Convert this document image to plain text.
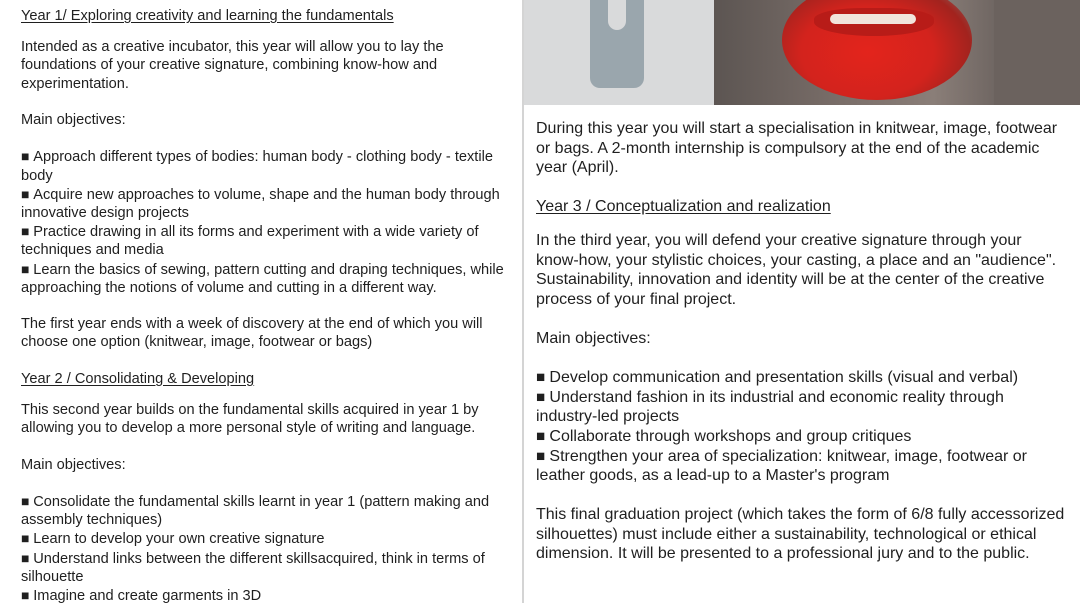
Year 1/ Exploring creativity and learning the fundamentals

Intended as a creative incubator, this year will allow you to lay the foundations of your creative signature, combining know-how and experimentation.

Main objectives:

■ Approach different types of bodies: human body - clothing body - textile body

■ Acquire new approaches to volume, shape and the human body through innovative design projects

■ Practice drawing in all its forms and experiment with a wide variety of techniques and media

■ Learn the basics of sewing, pattern cutting and draping techniques, while approaching the notions of volume and cutting in a different way.

The first year ends with a week of discovery at the end of which you will choose one option (knitwear, image, footwear or bags)

Year 2 / Consolidating & Developing

This second year builds on the fundamental skills acquired in year 1 by allowing you to develop a more personal style of writing and language.

Main objectives:

■ Consolidate the fundamental skills learnt in year 1 (pattern making and assembly techniques)

■ Learn to develop your own creative signature

■ Understand links between the different skillsacquired, think in terms of silhouette

■ Imagine and create garments in 3D

During this year you will start a specialisation in knitwear, image, footwear or bags. A 2-month internship is compulsory at the end of the academic year (April).

Year 3 / Conceptualization and realization

In the third year, you will defend your creative signature through your know-how, your stylistic choices, your casting, a place and an "audience". Sustainability, innovation and identity will be at the center of the creative process of your final project.

Main objectives:

■ Develop communication and presentation skills (visual and verbal)

■ Understand fashion in its industrial and economic reality through industry-led projects

■ Collaborate through workshops and group critiques

■ Strengthen your area of specialization: knitwear, image, footwear or leather goods, as a lead-up to a Master's program

This final graduation project (which takes the form of 6/8 fully accessorized silhouettes) must include either a sustainability, technological or ethical dimension. It will be presented to a professional jury and to the public.
